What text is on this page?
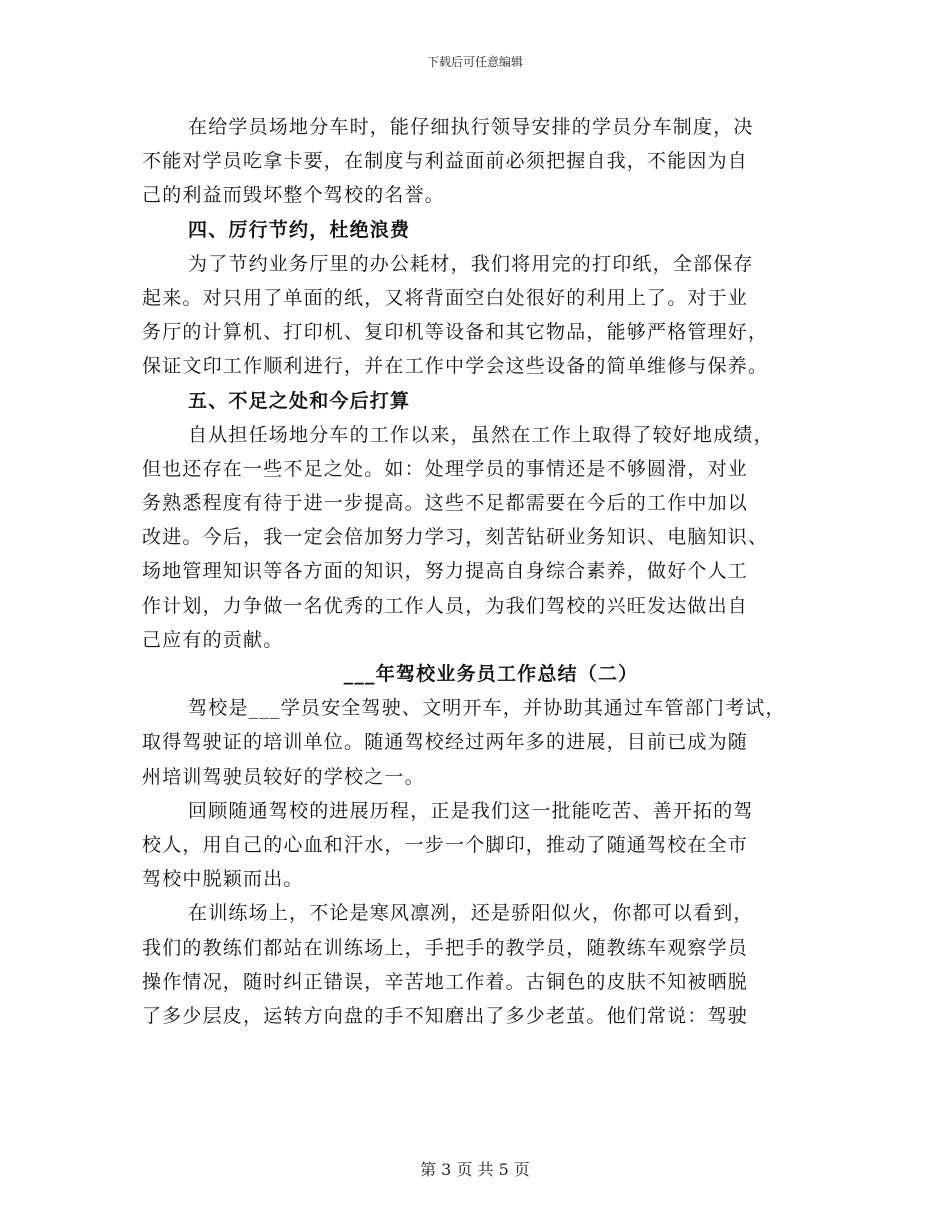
下载后可任意编辑
在给学员场地分车时，能仔细执行领导安排的学员分车制度，决
不能对学员吃拿卡要，在制度与利益面前必须把握自我，不能因为自
己的利益而毁坏整个驾校的名誉。
四、厉行节约，杜绝浪费
为了节约业务厅里的办公耗材，我们将用完的打印纸，全部保存
起来。对只用了单面的纸，又将背面空白处很好的利用上了。对于业
务厅的计算机、打印机、复印机等设备和其它物品，能够严格管理好，
保证文印工作顺利进行，并在工作中学会这些设备的简单维修与保养。
五、不足之处和今后打算
自从担任场地分车的工作以来，虽然在工作上取得了较好地成绩，
但也还存在一些不足之处。如：处理学员的事情还是不够圆滑，对业
务熟悉程度有待于进一步提高。这些不足都需要在今后的工作中加以
改进。今后，我一定会倍加努力学习，刻苦钻研业务知识、电脑知识、
场地管理知识等各方面的知识，努力提高自身综合素养，做好个人工
作计划，力争做一名优秀的工作人员，为我们驾校的兴旺发达做出自
己应有的贡献。
___年驾校业务员工作总结（二）
驾校是___学员安全驾驶、文明开车，并协助其通过车管部门考试，
取得驾驶证的培训单位。随通驾校经过两年多的进展，目前已成为随
州培训驾驶员较好的学校之一。
回顾随通驾校的进展历程，正是我们这一批能吃苦、善开拓的驾
校人，用自己的心血和汗水，一步一个脚印，推动了随通驾校在全市
驾校中脱颖而出。
在训练场上，不论是寒风凛冽，还是骄阳似火，你都可以看到，
我们的教练们都站在训练场上，手把手的教学员，随教练车观察学员
操作情况，随时纠正错误，辛苦地工作着。古铜色的皮肤不知被晒脱
了多少层皮，运转方向盘的手不知磨出了多少老茧。他们常说：驾驶
第 3 页 共 5 页
